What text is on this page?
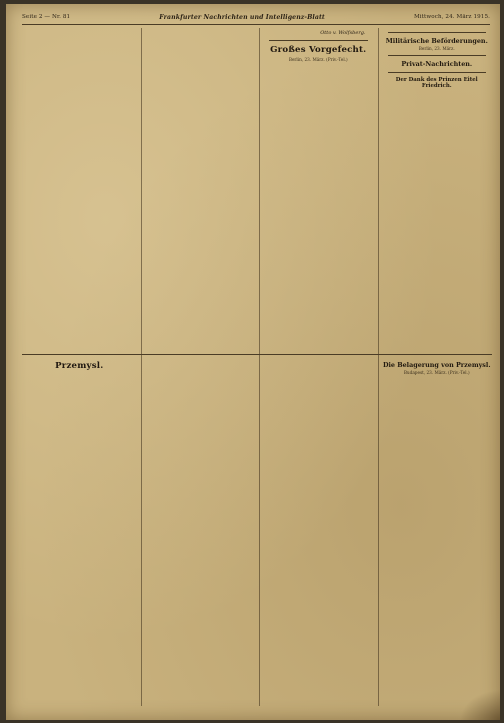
Seite 2 — Nr. 81	Frankfurter Nachrichten und Intelligenz-Blatt	Mittwoch, 24. März 1915.
Przemysl.
Otto v. Wolfsberg.
Großes Vorgefecht.
Berlin, 23. März. (Priv.-Tel.)
Militärische Beförderungen.
Berlin, 23. März.
Privat-Nachrichten.
Der Dank des Prinzen Eitel Friedrich.
Die Belagerung von Przemysl.
Budapest, 23. März. (Priv.-Tel.)
